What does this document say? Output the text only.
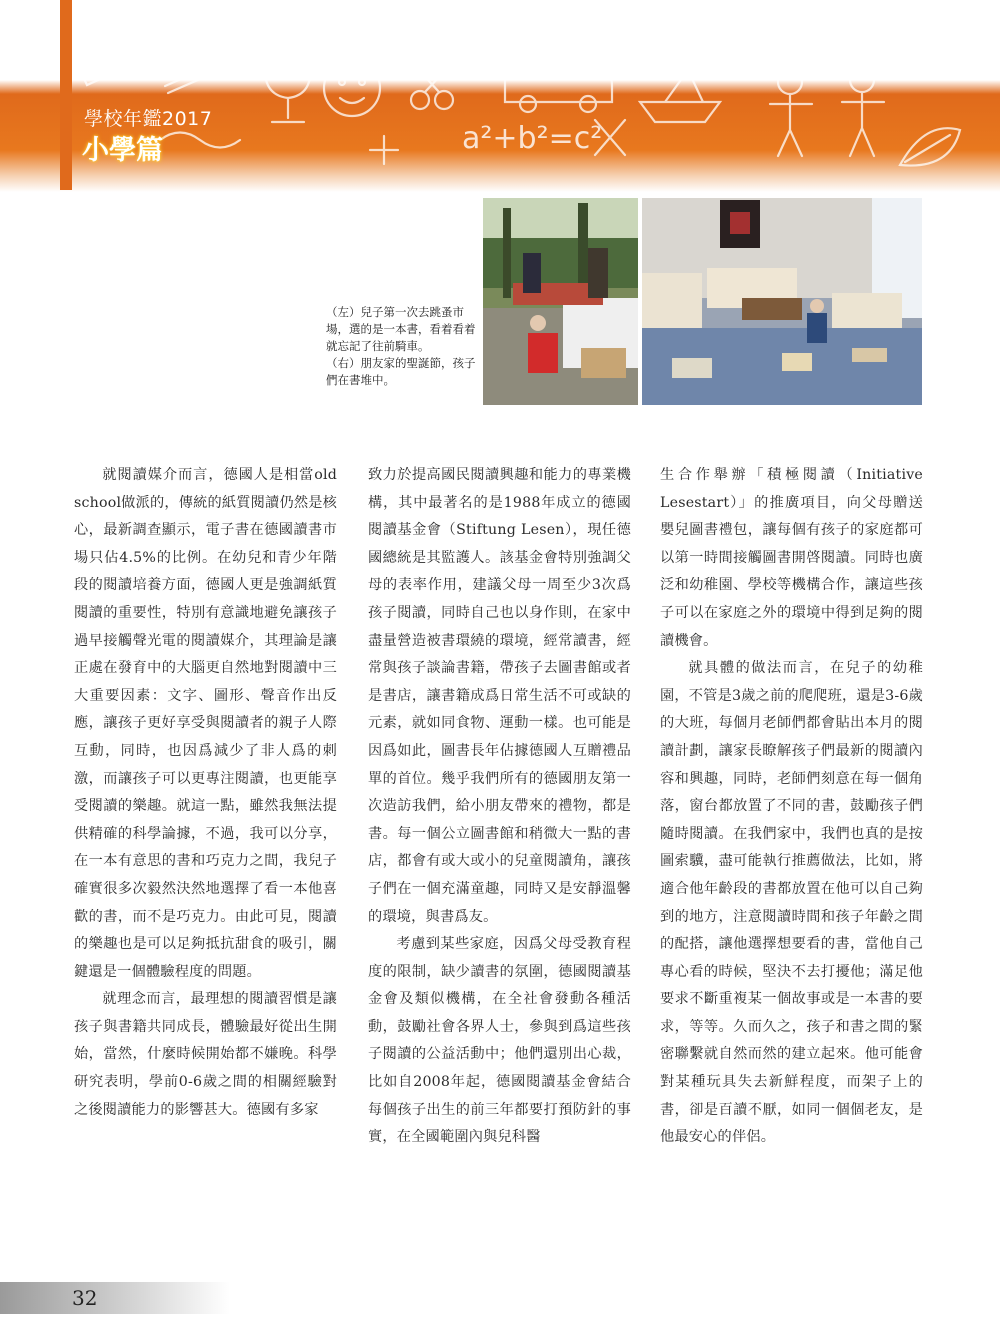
a²+b²=c²
學校年鑑2017
小學篇

（左）兒子第一次去跳蚤市場，選的是一本書，看着看着就忘記了往前騎車。

（右）朋友家的聖誕節，孩子們在書堆中。

就閱讀媒介而言，德國人是相當old school做派的，傳統的紙質閱讀仍然是核心，最新調查顯示，電子書在德國讀書市場只佔4.5%的比例。在幼兒和青少年階段的閱讀培養方面，德國人更是強調紙質閱讀的重要性，特別有意識地避免讓孩子過早接觸聲光電的閱讀媒介，其理論是讓正處在發育中的大腦更自然地對閱讀中三大重要因素：文字、圖形、聲音作出反應，讓孩子更好享受與閱讀者的親子人際互動，同時，也因爲減少了非人爲的刺激，而讓孩子可以更專注閱讀，也更能享受閱讀的樂趣。就這一點，雖然我無法提供精確的科學論據，不過，我可以分享，在一本有意思的書和巧克力之間，我兒子確實很多次毅然決然地選擇了看一本他喜歡的書，而不是巧克力。由此可見，閱讀的樂趣也是可以足夠抵抗甜食的吸引，關鍵還是一個體驗程度的問題。

就理念而言，最理想的閱讀習慣是讓孩子與書籍共同成長，體驗最好從出生開始，當然，什麼時候開始都不嫌晚。科學研究表明，學前0-6歲之間的相關經驗對之後閱讀能力的影響甚大。德國有多家

致力於提高國民閱讀興趣和能力的專業機構，其中最著名的是1988年成立的德國閱讀基金會（Stiftung Lesen），現任德國總統是其監護人。該基金會特別強調父母的表率作用，建議父母一周至少3次爲孩子閱讀，同時自己也以身作則，在家中盡量營造被書環繞的環境，經常讀書，經常與孩子談論書籍，帶孩子去圖書館或者是書店，讓書籍成爲日常生活不可或缺的元素，就如同食物、運動一樣。也可能是因爲如此，圖書長年佔據德國人互贈禮品單的首位。幾乎我們所有的德國朋友第一次造訪我們，給小朋友帶來的禮物，都是書。每一個公立圖書館和稍微大一點的書店，都會有或大或小的兒童閱讀角，讓孩子們在一個充滿童趣，同時又是安靜溫馨的環境，與書爲友。

考慮到某些家庭，因爲父母受教育程度的限制，缺少讀書的氛圍，德國閱讀基金會及類似機構，在全社會發動各種活動，鼓勵社會各界人士，參與到爲這些孩子閱讀的公益活動中；他們還別出心裁，比如自2008年起，德國閱讀基金會結合每個孩子出生的前三年都要打預防針的事實，在全國範圍內與兒科醫

生合作舉辦「積極閱讀（Initiative Lesestart）」的推廣項目，向父母贈送嬰兒圖書禮包，讓每個有孩子的家庭都可以第一時間接觸圖書開啓閱讀。同時也廣泛和幼稚園、學校等機構合作，讓這些孩子可以在家庭之外的環境中得到足夠的閱讀機會。

就具體的做法而言，在兒子的幼稚園，不管是3歲之前的爬爬班，還是3-6歲的大班，每個月老師們都會貼出本月的閱讀計劃，讓家長瞭解孩子們最新的閱讀內容和興趣，同時，老師們刻意在每一個角落，窗台都放置了不同的書，鼓勵孩子們隨時閱讀。在我們家中，我們也真的是按圖索驥，盡可能執行推薦做法，比如，將適合他年齡段的書都放置在他可以自己夠到的地方，注意閱讀時間和孩子年齡之間的配搭，讓他選擇想要看的書，當他自己專心看的時候，堅決不去打擾他；滿足他要求不斷重複某一個故事或是一本書的要求，等等。久而久之，孩子和書之間的緊密聯繫就自然而然的建立起來。他可能會對某種玩具失去新鮮程度，而架子上的書，卻是百讀不厭，如同一個個老友，是他最安心的伴侶。

32
